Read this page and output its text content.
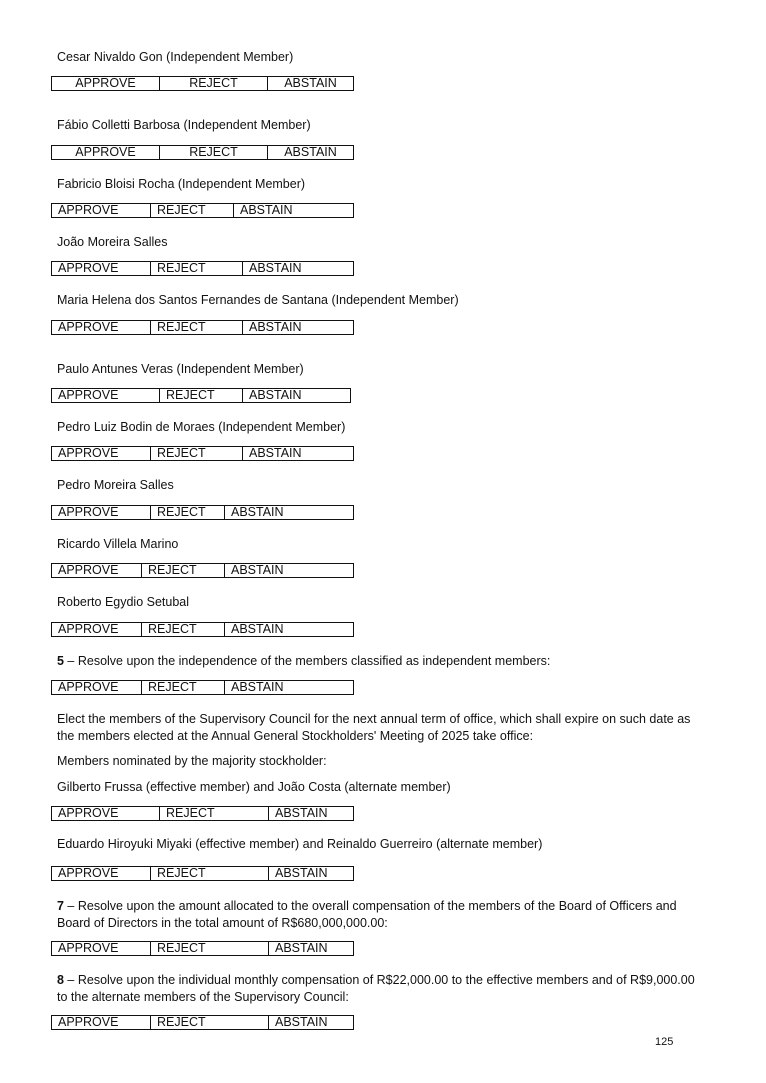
Cesar Nivaldo Gon (Independent Member)
APPROVE	REJECT	ABSTAIN
Fábio Colletti Barbosa (Independent Member)
APPROVE	REJECT	ABSTAIN
Fabricio Bloisi Rocha (Independent Member)
APPROVE	REJECT	ABSTAIN
João Moreira Salles
APPROVE	REJECT	ABSTAIN
Maria Helena dos Santos Fernandes de Santana (Independent Member)
APPROVE	REJECT	ABSTAIN
Paulo Antunes Veras (Independent Member)
APPROVE	REJECT	ABSTAIN
Pedro Luiz Bodin de Moraes (Independent Member)
APPROVE	REJECT	ABSTAIN
Pedro Moreira Salles
APPROVE	REJECT	ABSTAIN
Ricardo Villela Marino
APPROVE	REJECT	ABSTAIN
Roberto Egydio Setubal
APPROVE	REJECT	ABSTAIN
5 – Resolve upon the independence of the members classified as independent members:
APPROVE	REJECT	ABSTAIN
Elect the members of the Supervisory Council for the next annual term of office, which shall expire on such date as the members elected at the Annual General Stockholders' Meeting of 2025 take office:
Members nominated by the majority stockholder:
Gilberto Frussa (effective member) and João Costa (alternate member)
APPROVE	REJECT	ABSTAIN
Eduardo Hiroyuki Miyaki (effective member) and Reinaldo Guerreiro (alternate member)
APPROVE	REJECT	ABSTAIN
7 – Resolve upon the amount allocated to the overall compensation of the members of the Board of Officers and Board of Directors in the total amount of R$680,000,000.00:
APPROVE	REJECT	ABSTAIN
8 – Resolve upon the individual monthly compensation of R$22,000.00 to the effective members and of R$9,000.00 to the alternate members of the Supervisory Council:
APPROVE	REJECT	ABSTAIN
125
